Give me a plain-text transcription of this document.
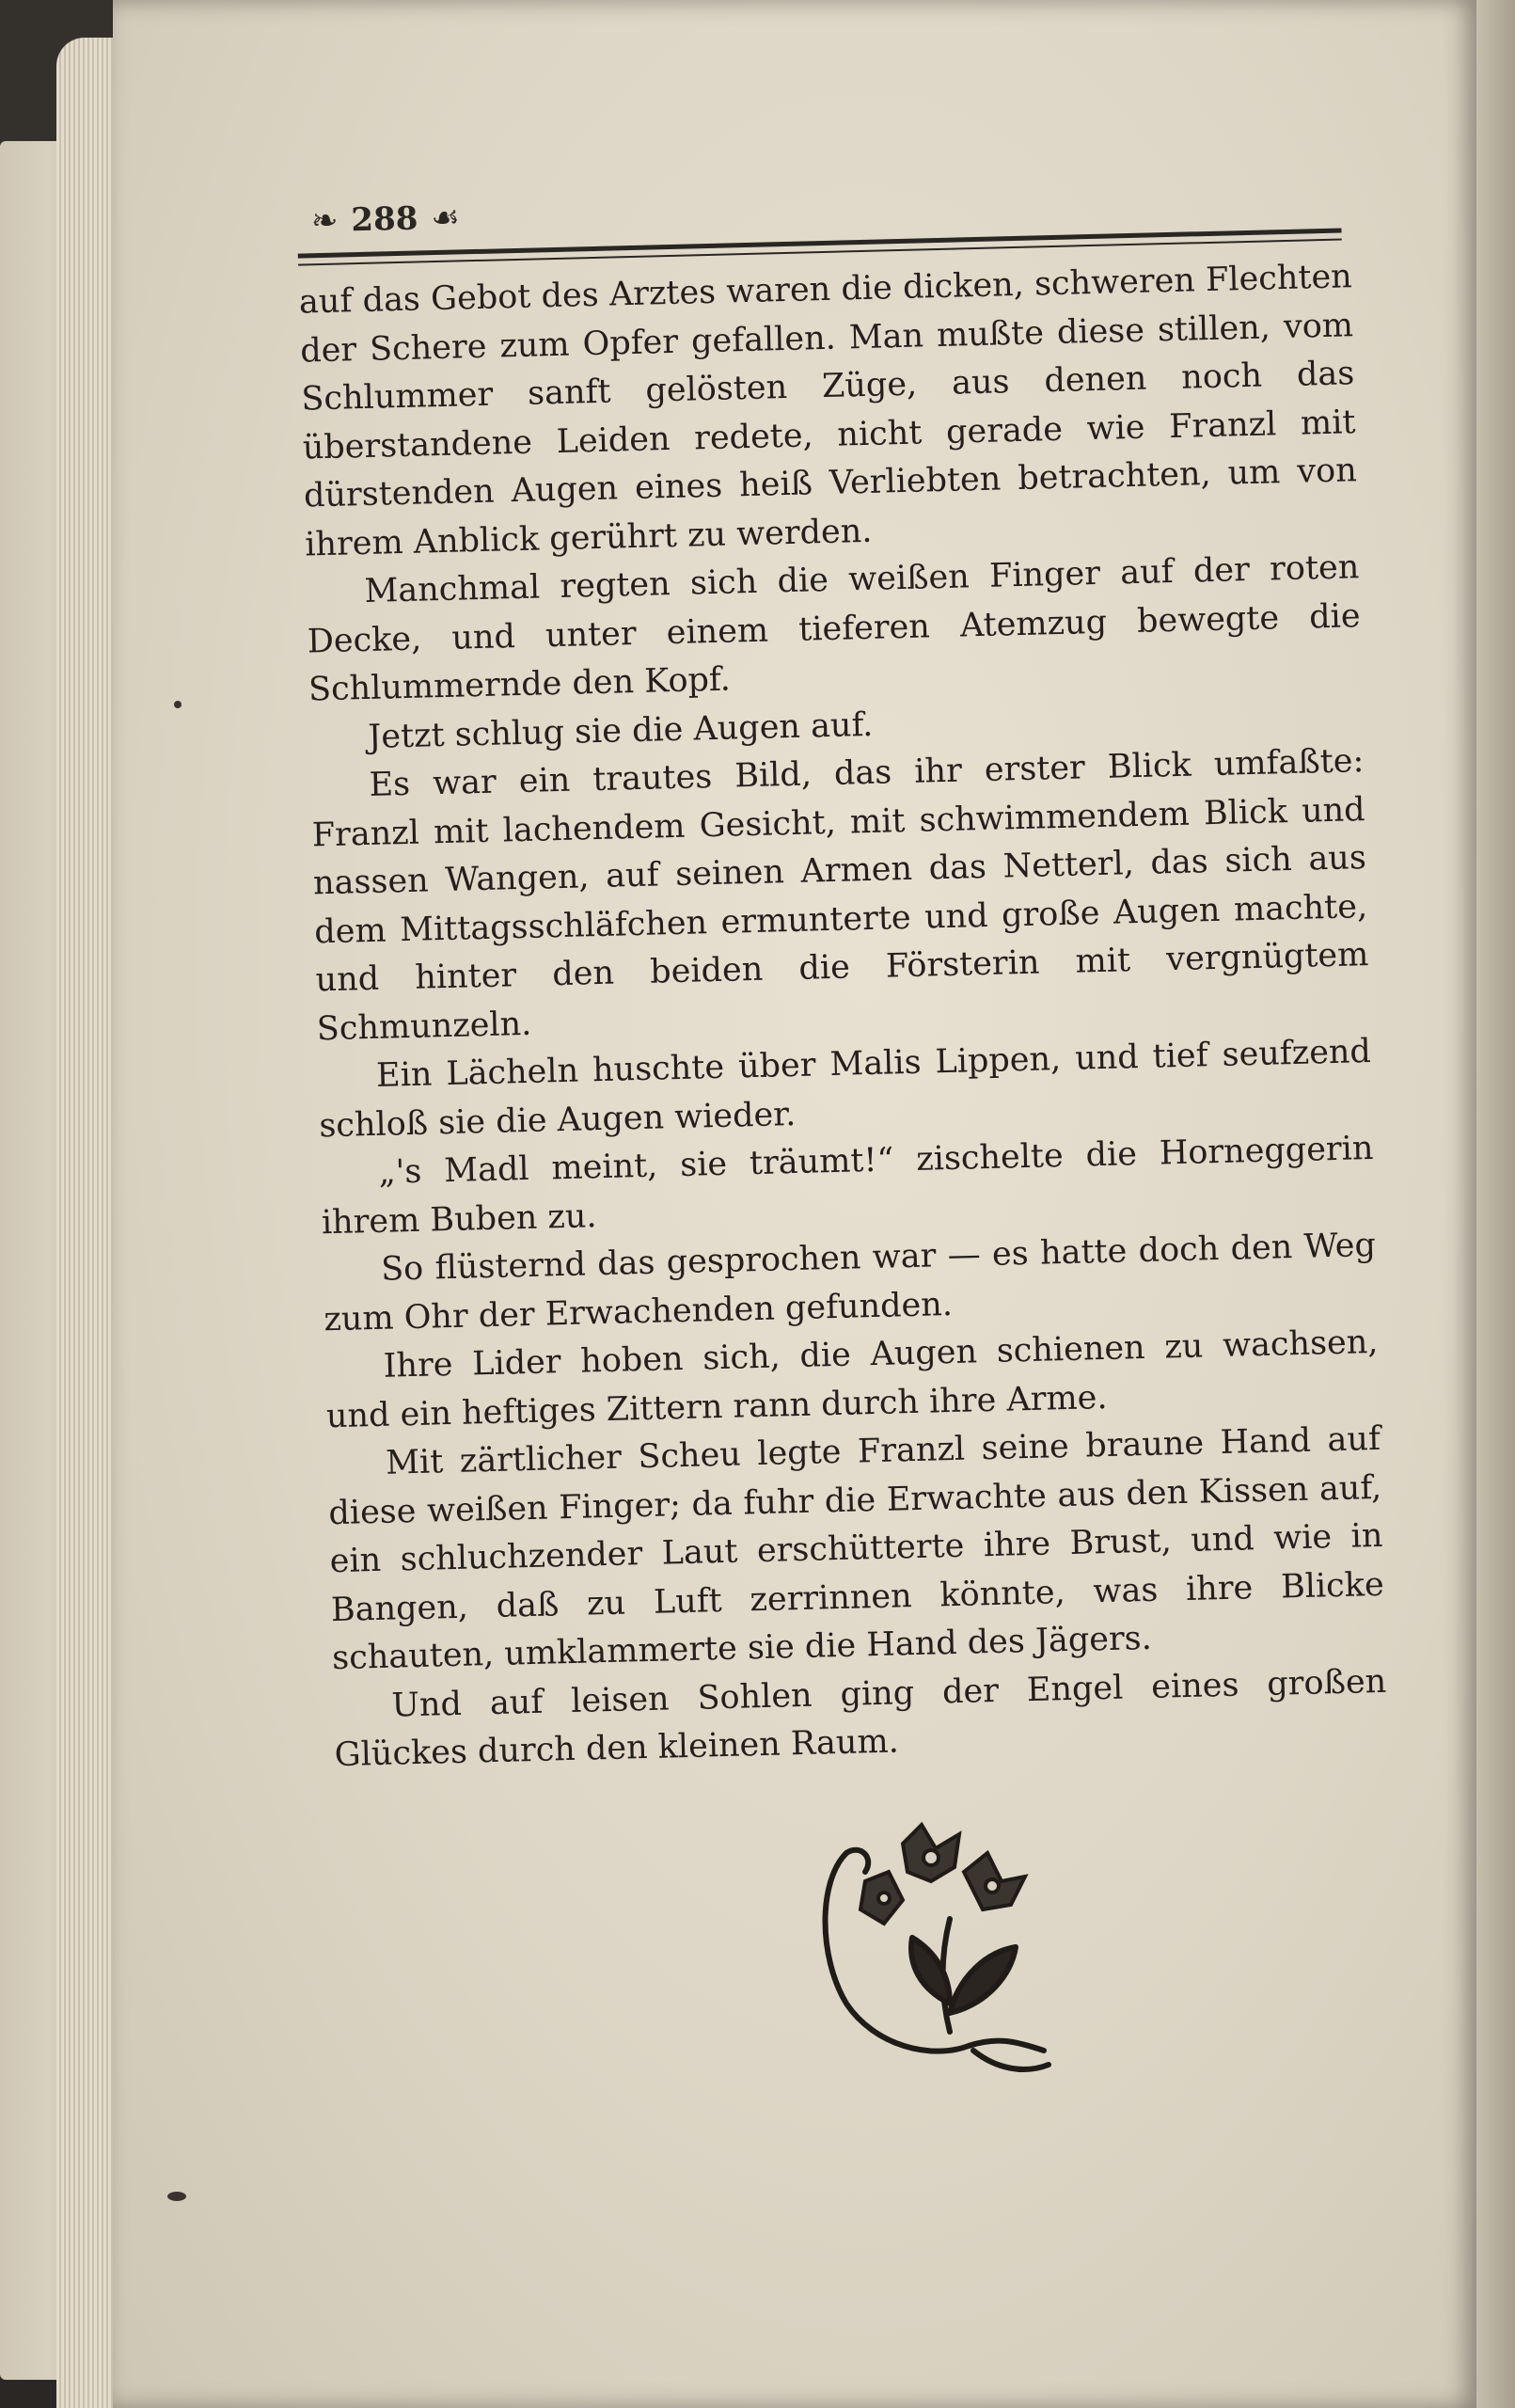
❧ 288 ☙

auf das Gebot des Arztes waren die dicken, schweren Flechten der Schere zum Opfer gefallen. Man mußte diese stillen, vom Schlummer sanft gelösten Züge, aus denen noch das überstandene Leiden redete, nicht gerade wie Franzl mit dürstenden Augen eines heiß Verliebten betrachten, um von ihrem Anblick gerührt zu werden.

Manchmal regten sich die weißen Finger auf der roten Decke, und unter einem tieferen Atemzug bewegte die Schlummernde den Kopf.

Jetzt schlug sie die Augen auf.

Es war ein trautes Bild, das ihr erster Blick umfaßte: Franzl mit lachendem Gesicht, mit schwimmendem Blick und nassen Wangen, auf seinen Armen das Netterl, das sich aus dem Mittagsschläfchen ermunterte und große Augen machte, und hinter den beiden die Försterin mit vergnügtem Schmunzeln.

Ein Lächeln huschte über Malis Lippen, und tief seufzend schloß sie die Augen wieder.

„'s Madl meint, sie träumt!“ zischelte die Horneggerin ihrem Buben zu.

So flüsternd das gesprochen war — es hatte doch den Weg zum Ohr der Erwachenden gefunden.

Ihre Lider hoben sich, die Augen schienen zu wachsen, und ein heftiges Zittern rann durch ihre Arme.

Mit zärtlicher Scheu legte Franzl seine braune Hand auf diese weißen Finger; da fuhr die Erwachte aus den Kissen auf, ein schluchzender Laut erschütterte ihre Brust, und wie in Bangen, daß zu Luft zerrinnen könnte, was ihre Blicke schauten, umklammerte sie die Hand des Jägers.

Und auf leisen Sohlen ging der Engel eines großen Glückes durch den kleinen Raum.
